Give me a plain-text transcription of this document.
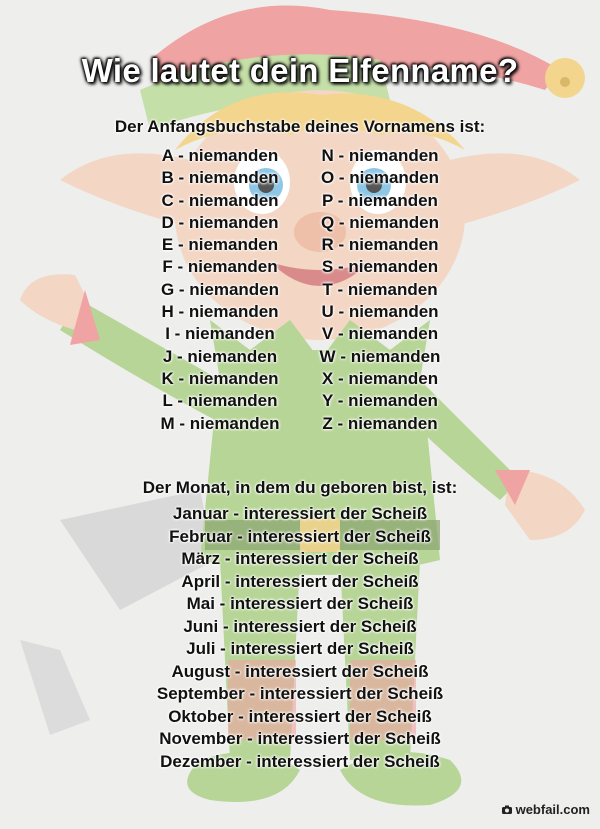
Wie lautet dein Elfenname?
Der Anfangsbuchstabe deines Vornamens ist:
A - niemanden
B - niemanden
C - niemanden
D - niemanden
E - niemanden
F - niemanden
G - niemanden
H - niemanden
I - niemanden
J - niemanden
K - niemanden
L - niemanden
M - niemanden
N - niemanden
O - niemanden
P - niemanden
Q - niemanden
R - niemanden
S - niemanden
T - niemanden
U - niemanden
V - niemanden
W - niemanden
X - niemanden
Y - niemanden
Z - niemanden
Der Monat, in dem du geboren bist, ist:
Januar - interessiert der Scheiß
Februar - interessiert der Scheiß
März - interessiert der Scheiß
April - interessiert der Scheiß
Mai - interessiert der Scheiß
Juni - interessiert der Scheiß
Juli - interessiert der Scheiß
August - interessiert der Scheiß
September - interessiert der Scheiß
Oktober - interessiert der Scheiß
November - interessiert der Scheiß
Dezember - interessiert der Scheiß
webfail.com
